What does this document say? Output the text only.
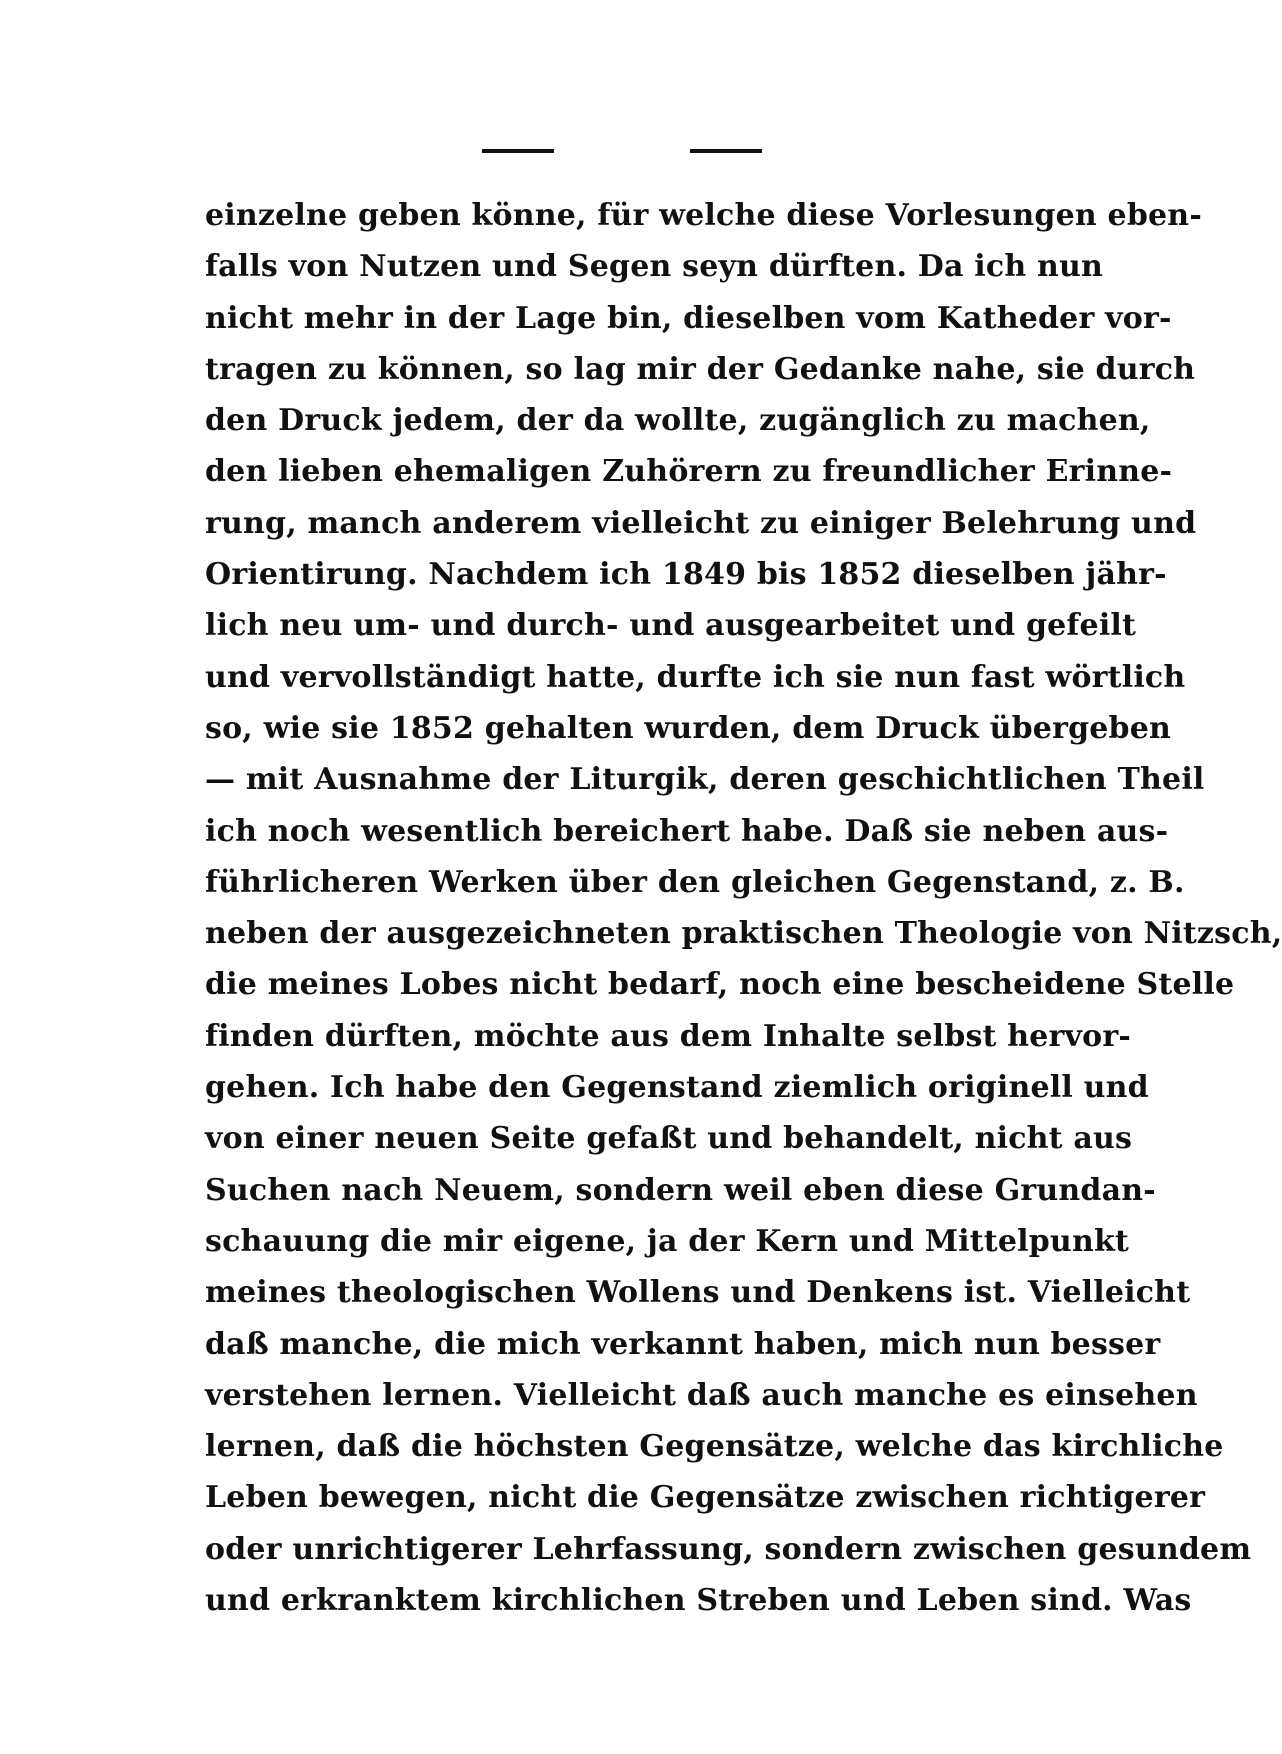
einzelne geben könne, für welche diese Vorlesungen eben-
falls von Nutzen und Segen seyn dürften. Da ich nun
nicht mehr in der Lage bin, dieselben vom Katheder vor-
tragen zu können, so lag mir der Gedanke nahe, sie durch
den Druck jedem, der da wollte, zugänglich zu machen,
den lieben ehemaligen Zuhörern zu freundlicher Erinne-
rung, manch anderem vielleicht zu einiger Belehrung und
Orientirung. Nachdem ich 1849 bis 1852 dieselben jähr-
lich neu um- und durch- und ausgearbeitet und gefeilt
und vervollständigt hatte, durfte ich sie nun fast wörtlich
so, wie sie 1852 gehalten wurden, dem Druck übergeben
— mit Ausnahme der Liturgik, deren geschichtlichen Theil
ich noch wesentlich bereichert habe. Daß sie neben aus-
führlicheren Werken über den gleichen Gegenstand, z. B.
neben der ausgezeichneten praktischen Theologie von Nitzsch,
die meines Lobes nicht bedarf, noch eine bescheidene Stelle
finden dürften, möchte aus dem Inhalte selbst hervor-
gehen. Ich habe den Gegenstand ziemlich originell und
von einer neuen Seite gefaßt und behandelt, nicht aus
Suchen nach Neuem, sondern weil eben diese Grundan-
schauung die mir eigene, ja der Kern und Mittelpunkt
meines theologischen Wollens und Denkens ist. Vielleicht
daß manche, die mich verkannt haben, mich nun besser
verstehen lernen. Vielleicht daß auch manche es einsehen
lernen, daß die höchsten Gegensätze, welche das kirchliche
Leben bewegen, nicht die Gegensätze zwischen richtigerer
oder unrichtigerer Lehrfassung, sondern zwischen gesundem
und erkranktem kirchlichen Streben und Leben sind. Was
